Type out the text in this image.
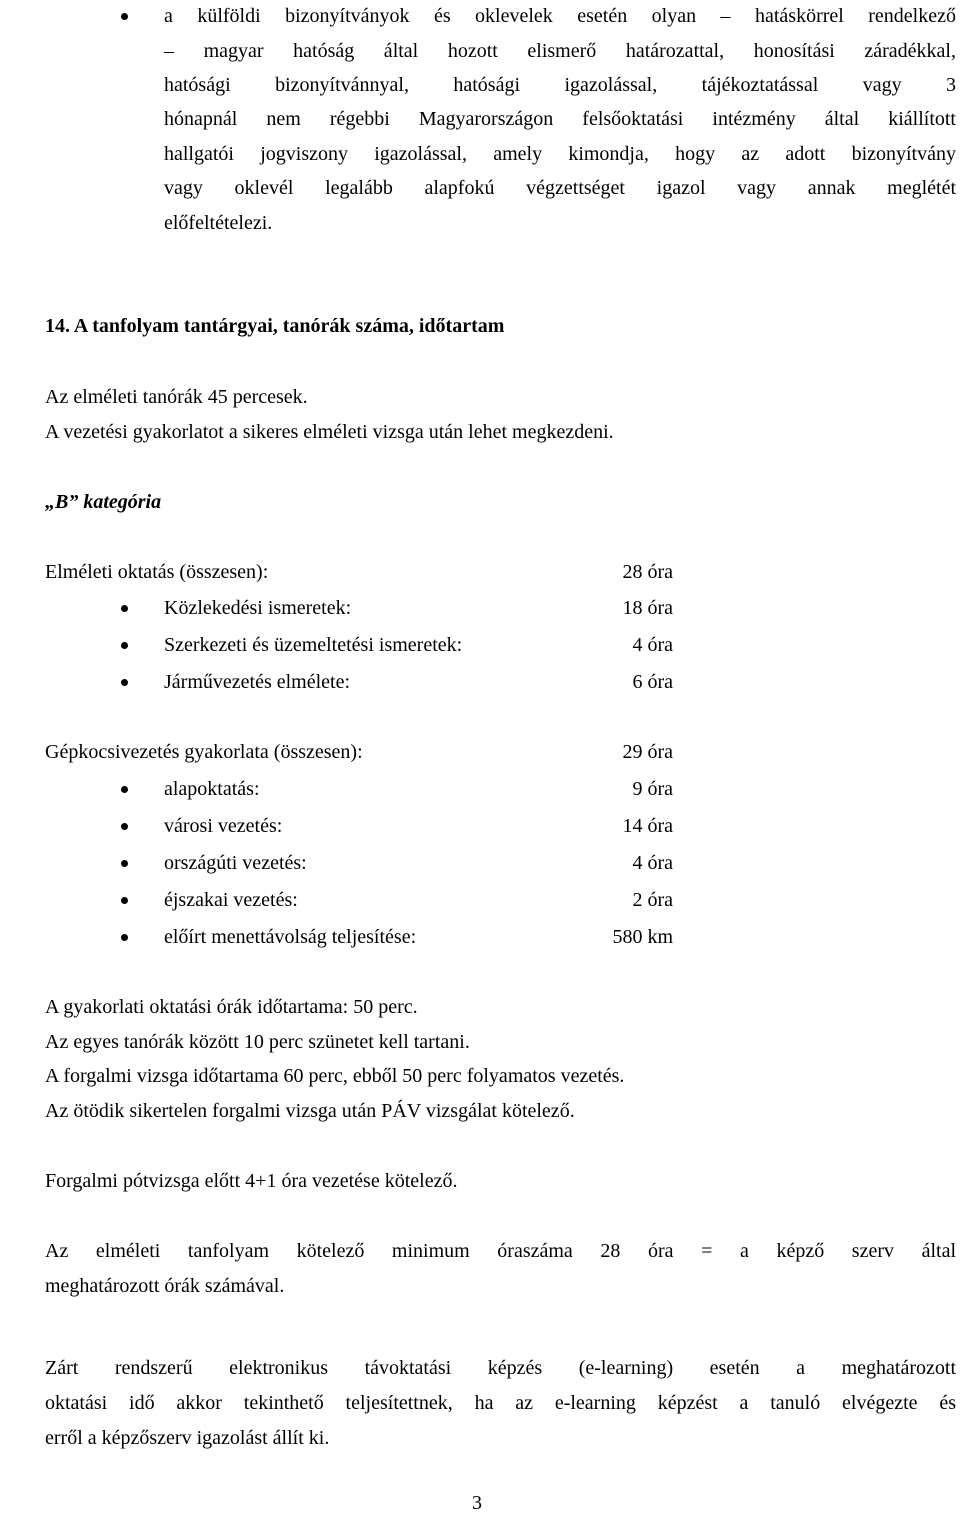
a külföldi bizonyítványok és oklevelek esetén olyan – hatáskörrel rendelkező
– magyar hatóság által hozott elismerő határozattal, honosítási záradékkal,
hatósági bizonyítvánnyal, hatósági igazolással, tájékoztatással vagy 3
hónapnál nem régebbi Magyarországon felsőoktatási intézmény által kiállított
hallgatói jogviszony igazolással, amely kimondja, hogy az adott bizonyítvány
vagy oklevél legalább alapfokú végzettséget igazol vagy annak meglétét
előfeltételezi.
14. A tanfolyam tantárgyai, tanórák száma, időtartam
Az elméleti tanórák 45 percesek.
A vezetési gyakorlatot a sikeres elméleti vizsga után lehet megkezdeni.
„B” kategória
Elméleti oktatás (összesen):	28 óra
Közlekedési ismeretek:	18 óra
Szerkezeti és üzemeltetési ismeretek:	4 óra
Járművezetés elmélete:	6 óra
Gépkocsivezetés gyakorlata (összesen):	29 óra
alapoktatás:	9 óra
városi vezetés:	14 óra
országúti vezetés:	4 óra
éjszakai vezetés:	2 óra
előírt menettávolság teljesítése:	580 km
A gyakorlati oktatási órák időtartama: 50 perc.
Az egyes tanórák között 10 perc szünetet kell tartani.
A forgalmi vizsga időtartama 60 perc, ebből 50 perc folyamatos vezetés.
Az ötödik sikertelen forgalmi vizsga után PÁV vizsgálat kötelező.
Forgalmi pótvizsga előtt 4+1 óra vezetése kötelező.
Az elméleti tanfolyam kötelező minimum óraszáma 28 óra = a képző szerv által
meghatározott órák számával.
Zárt rendszerű elektronikus távoktatási képzés (e-learning) esetén a meghatározott
oktatási idő akkor tekinthető teljesítettnek, ha az e-learning képzést a tanuló elvégezte és
erről a képzőszerv igazolást állít ki.
3
